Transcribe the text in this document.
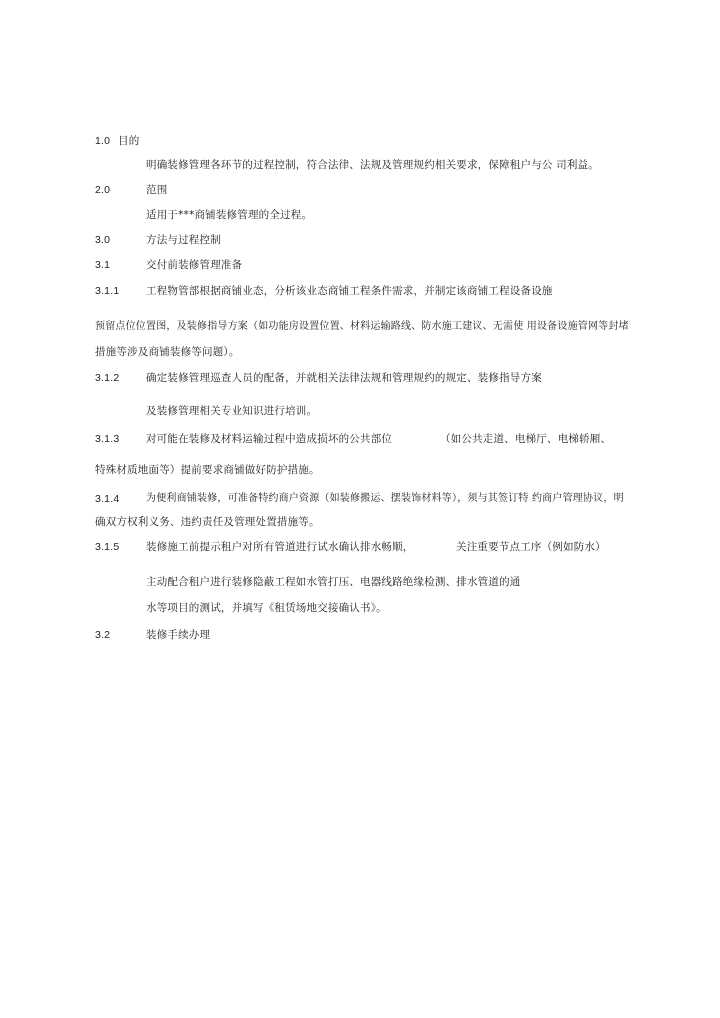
1.0 目的
明确装修管理各环节的过程控制，符合法律、法规及管理规约相关要求，保障租户与公 司利益。
2.0	范围
适用于***商铺装修管理的全过程。
3.0	方法与过程控制
3.1	交付前装修管理准备
3.1.1	工程物管部根据商铺业态，分析该业态商铺工程条件需求，并制定该商铺工程设备设施
预留点位位置图，及装修指导方案（如功能房设置位置、材料运输路线、防水施工建议、无需使 用设备设施管网等封堵
措施等涉及商铺装修等问题）。
3.1.2	确定装修管理巡查人员的配备，并就相关法律法规和管理规约的规定、装修指导方案
及装修管理相关专业知识进行培训。
3.1.3	对可能在装修及材料运输过程中造成损坏的公共部位	（如公共走道、电梯厅、电梯轿厢、
特殊材质地面等）提前要求商铺做好防护措施。
3.1.4	为便利商铺装修，可准备特约商户资源（如装修搬运、摆装饰材料等），须与其签订特 约商户管理协议，明
确双方权利义务、违约责任及管理处置措施等。
3.1.5	装修施工前提示租户对所有管道进行试水确认排水畅顺，	关注重要节点工序（例如防水）
主动配合租户进行装修隐蔽工程如水管打压、电器线路绝缘检测、排水管道的通
水等项目的测试，并填写《租赁场地交接确认书》。
3.2	装修手续办理
